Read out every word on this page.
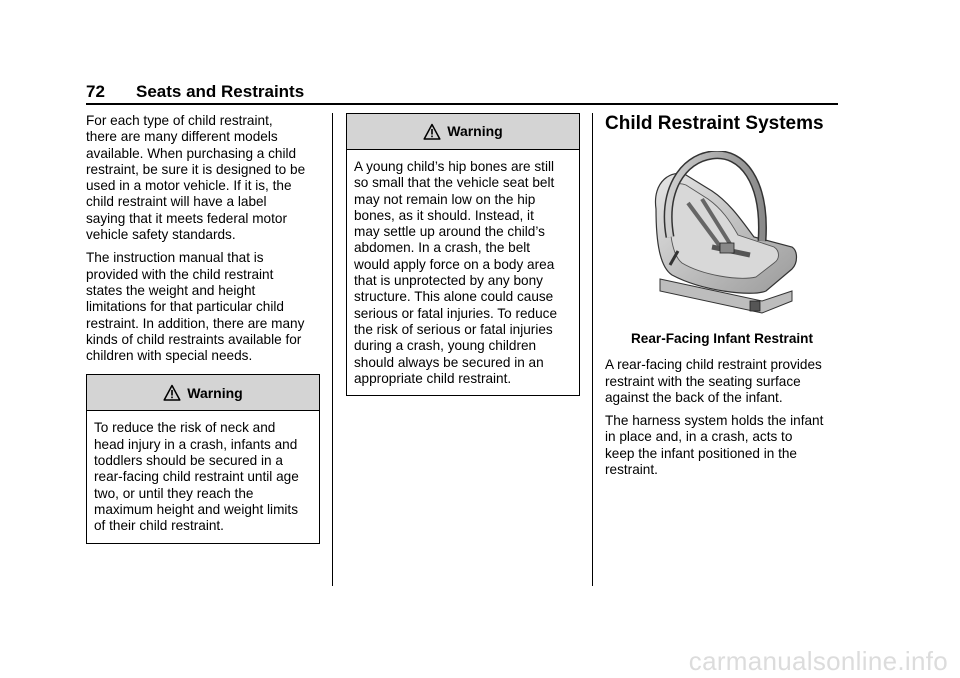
72 Seats and Restraints

For each type of child restraint,
there are many different models
available. When purchasing a child
restraint, be sure it is designed to be
used in a motor vehicle. If it is, the
child restraint will have a label
saying that it meets federal motor
vehicle safety standards.

The instruction manual that is
provided with the child restraint
states the weight and height
limitations for that particular child
restraint. In addition, there are many
kinds of child restraints available for
children with special needs.

Warning
To reduce the risk of neck and
head injury in a crash, infants and
toddlers should be secured in a
rear-facing child restraint until age
two, or until they reach the
maximum height and weight limits
of their child restraint.
Warning
A young child’s hip bones are still
so small that the vehicle seat belt
may not remain low on the hip
bones, as it should. Instead, it
may settle up around the child’s
abdomen. In a crash, the belt
would apply force on a body area
that is unprotected by any bony
structure. This alone could cause
serious or fatal injuries. To reduce
the risk of serious or fatal injuries
during a crash, young children
should always be secured in an
appropriate child restraint.
Child Restraint Systems
Rear-Facing Infant Restraint

A rear-facing child restraint provides
restraint with the seating surface
against the back of the infant.

The harness system holds the infant
in place and, in a crash, acts to
keep the infant positioned in the
restraint.

carmanualsonline.info
